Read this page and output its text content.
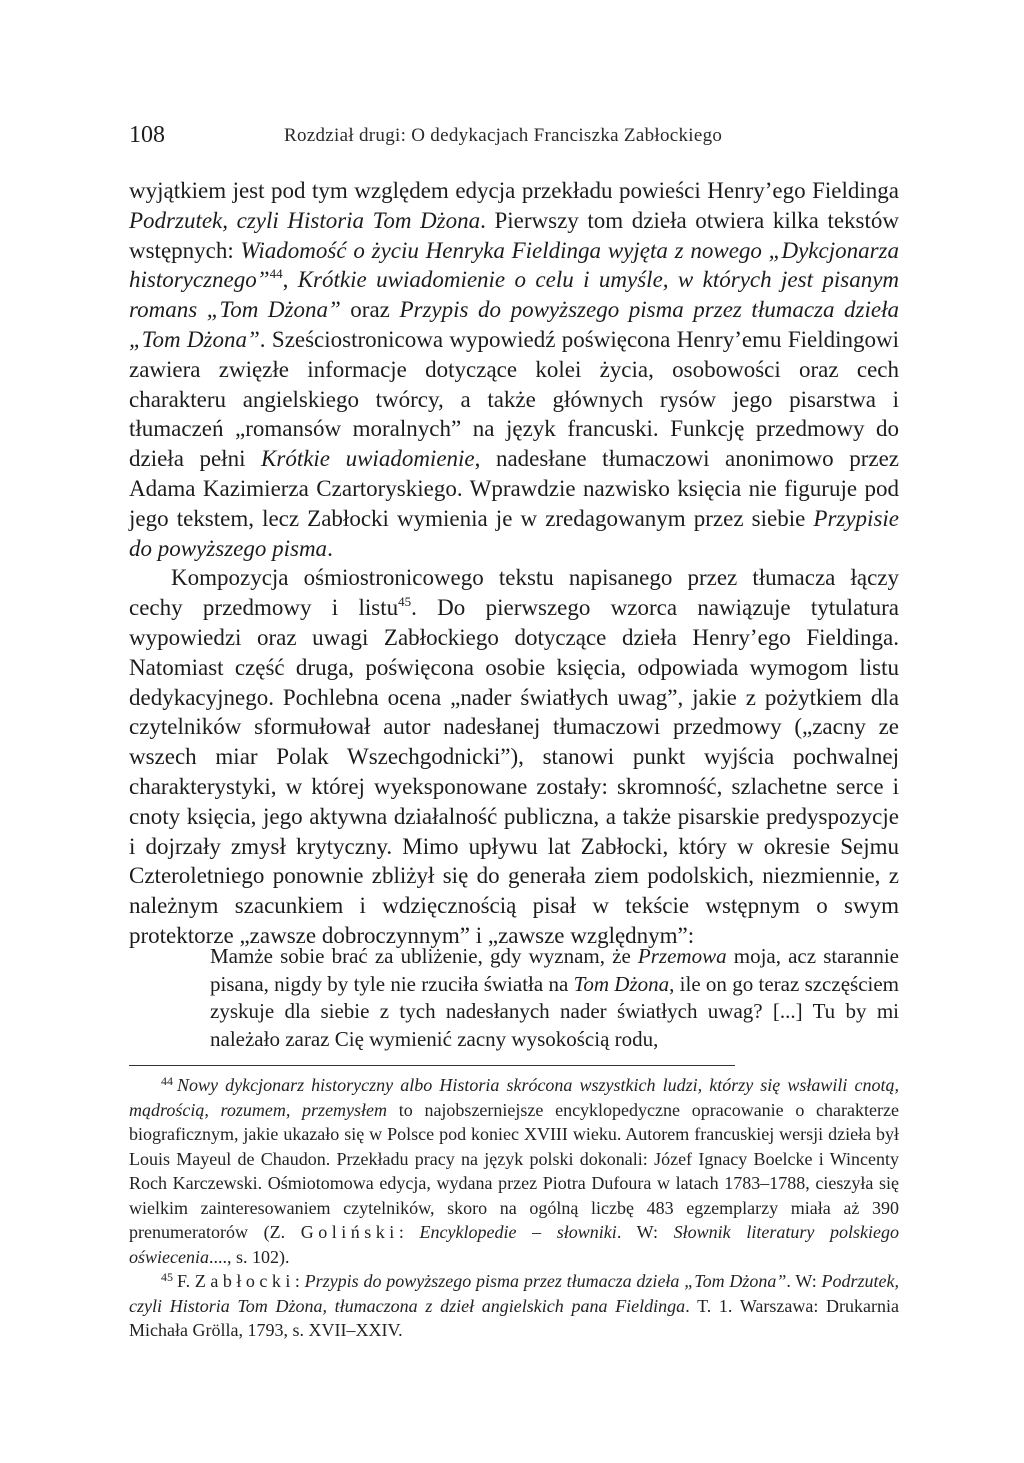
108	Rozdział drugi: O dedykacjach Franciszka Zabłockiego

wyjątkiem jest pod tym względem edycja przekładu powieści Henry’ego Fieldinga Podrzutek, czyli Historia Tom Dżona. Pierwszy tom dzieła otwiera kilka tekstów wstępnych: Wiadomość o życiu Henryka Fieldinga wyjęta z nowego „Dykcjonarza historycznego”$^{44}$, Krótkie uwiadomienie o celu i umyśle, w których jest pisanym romans „Tom Dżona” oraz Przypis do powyższego pisma przez tłumacza dzieła „Tom Dżona”. Sześciostronicowa wypowiedź poświęcona Henry’emu Fieldingowi zawiera zwięzłe informacje dotyczące kolei życia, osobowości oraz cech charakteru angielskiego twórcy, a także głównych rysów jego pisarstwa i tłumaczeń „romansów moralnych” na język francuski. Funkcję przedmowy do dzieła pełni Krótkie uwiadomienie, nadesłane tłumaczowi anonimowo przez Adama Kazimierza Czartoryskiego. Wprawdzie nazwisko księcia nie figuruje pod jego tekstem, lecz Zabłocki wymienia je w zredagowanym przez siebie Przypisie do powyższego pisma.

Kompozycja ośmiostronicowego tekstu napisanego przez tłumacza łączy cechy przedmowy i listu$^{45}$. Do pierwszego wzorca nawiązuje tytulatura wypowiedzi oraz uwagi Zabłockiego dotyczące dzieła Henry’ego Fieldinga. Natomiast część druga, poświęcona osobie księcia, odpowiada wymogom listu dedykacyjnego. Pochlebna ocena „nader światłych uwag”, jakie z pożytkiem dla czytelników sformułował autor nadesłanej tłumaczowi przedmowy („zacny ze wszech miar Polak Wszechgodnicki”), stanowi punkt wyjścia pochwalnej charakterystyki, w której wyeksponowane zostały: skromność, szlachetne serce i cnoty księcia, jego aktywna działalność publiczna, a także pisarskie predyspozycje i dojrzały zmysł krytyczny. Mimo upływu lat Zabłocki, który w okresie Sejmu Czteroletniego ponownie zbliżył się do generała ziem podolskich, niezmiennie, z należnym szacunkiem i wdzięcznością pisał w tekście wstępnym o swym protektorze „zawsze dobroczynnym” i „zawsze względnym”:

Mamże sobie brać za ubliżenie, gdy wyznam, że Przemowa moja, acz starannie pisana, nigdy by tyle nie rzuciła światła na Tom Dżona, ile on go teraz szczęściem zyskuje dla siebie z tych nadesłanych nader światłych uwag? [...] Tu by mi należało zaraz Cię wymienić zacny wysokością rodu,

$^{44}$ Nowy dykcjonarz historyczny albo Historia skrócona wszystkich ludzi, którzy się wsławili cnotą, mądrością, rozumem, przemysłem to najobszerniejsze encyklopedyczne opracowanie o charakterze biograficznym, jakie ukazało się w Polsce pod koniec XVIII wieku. Autorem francuskiej wersji dzieła był Louis Mayeul de Chaudon. Przekładu pracy na język polski dokonali: Józef Ignacy Boelcke i Wincenty Roch Karczewski. Ośmiotomowa edycja, wydana przez Piotra Dufoura w latach 1783–1788, cieszyła się wielkim zainteresowaniem czytelników, skoro na ogólną liczbę 483 egzemplarzy miała aż 390 prenumeratorów (Z. Goliński: Encyklopedie – słowniki. W: Słownik literatury polskiego oświecenia...., s. 102).

$^{45}$ F. Zabłocki: Przypis do powyższego pisma przez tłumacza dzieła „Tom Dżona”. W: Podrzutek, czyli Historia Tom Dżona, tłumaczona z dzieł angielskich pana Fieldinga. T. 1. Warszawa: Drukarnia Michała Grölla, 1793, s. XVII–XXIV.
